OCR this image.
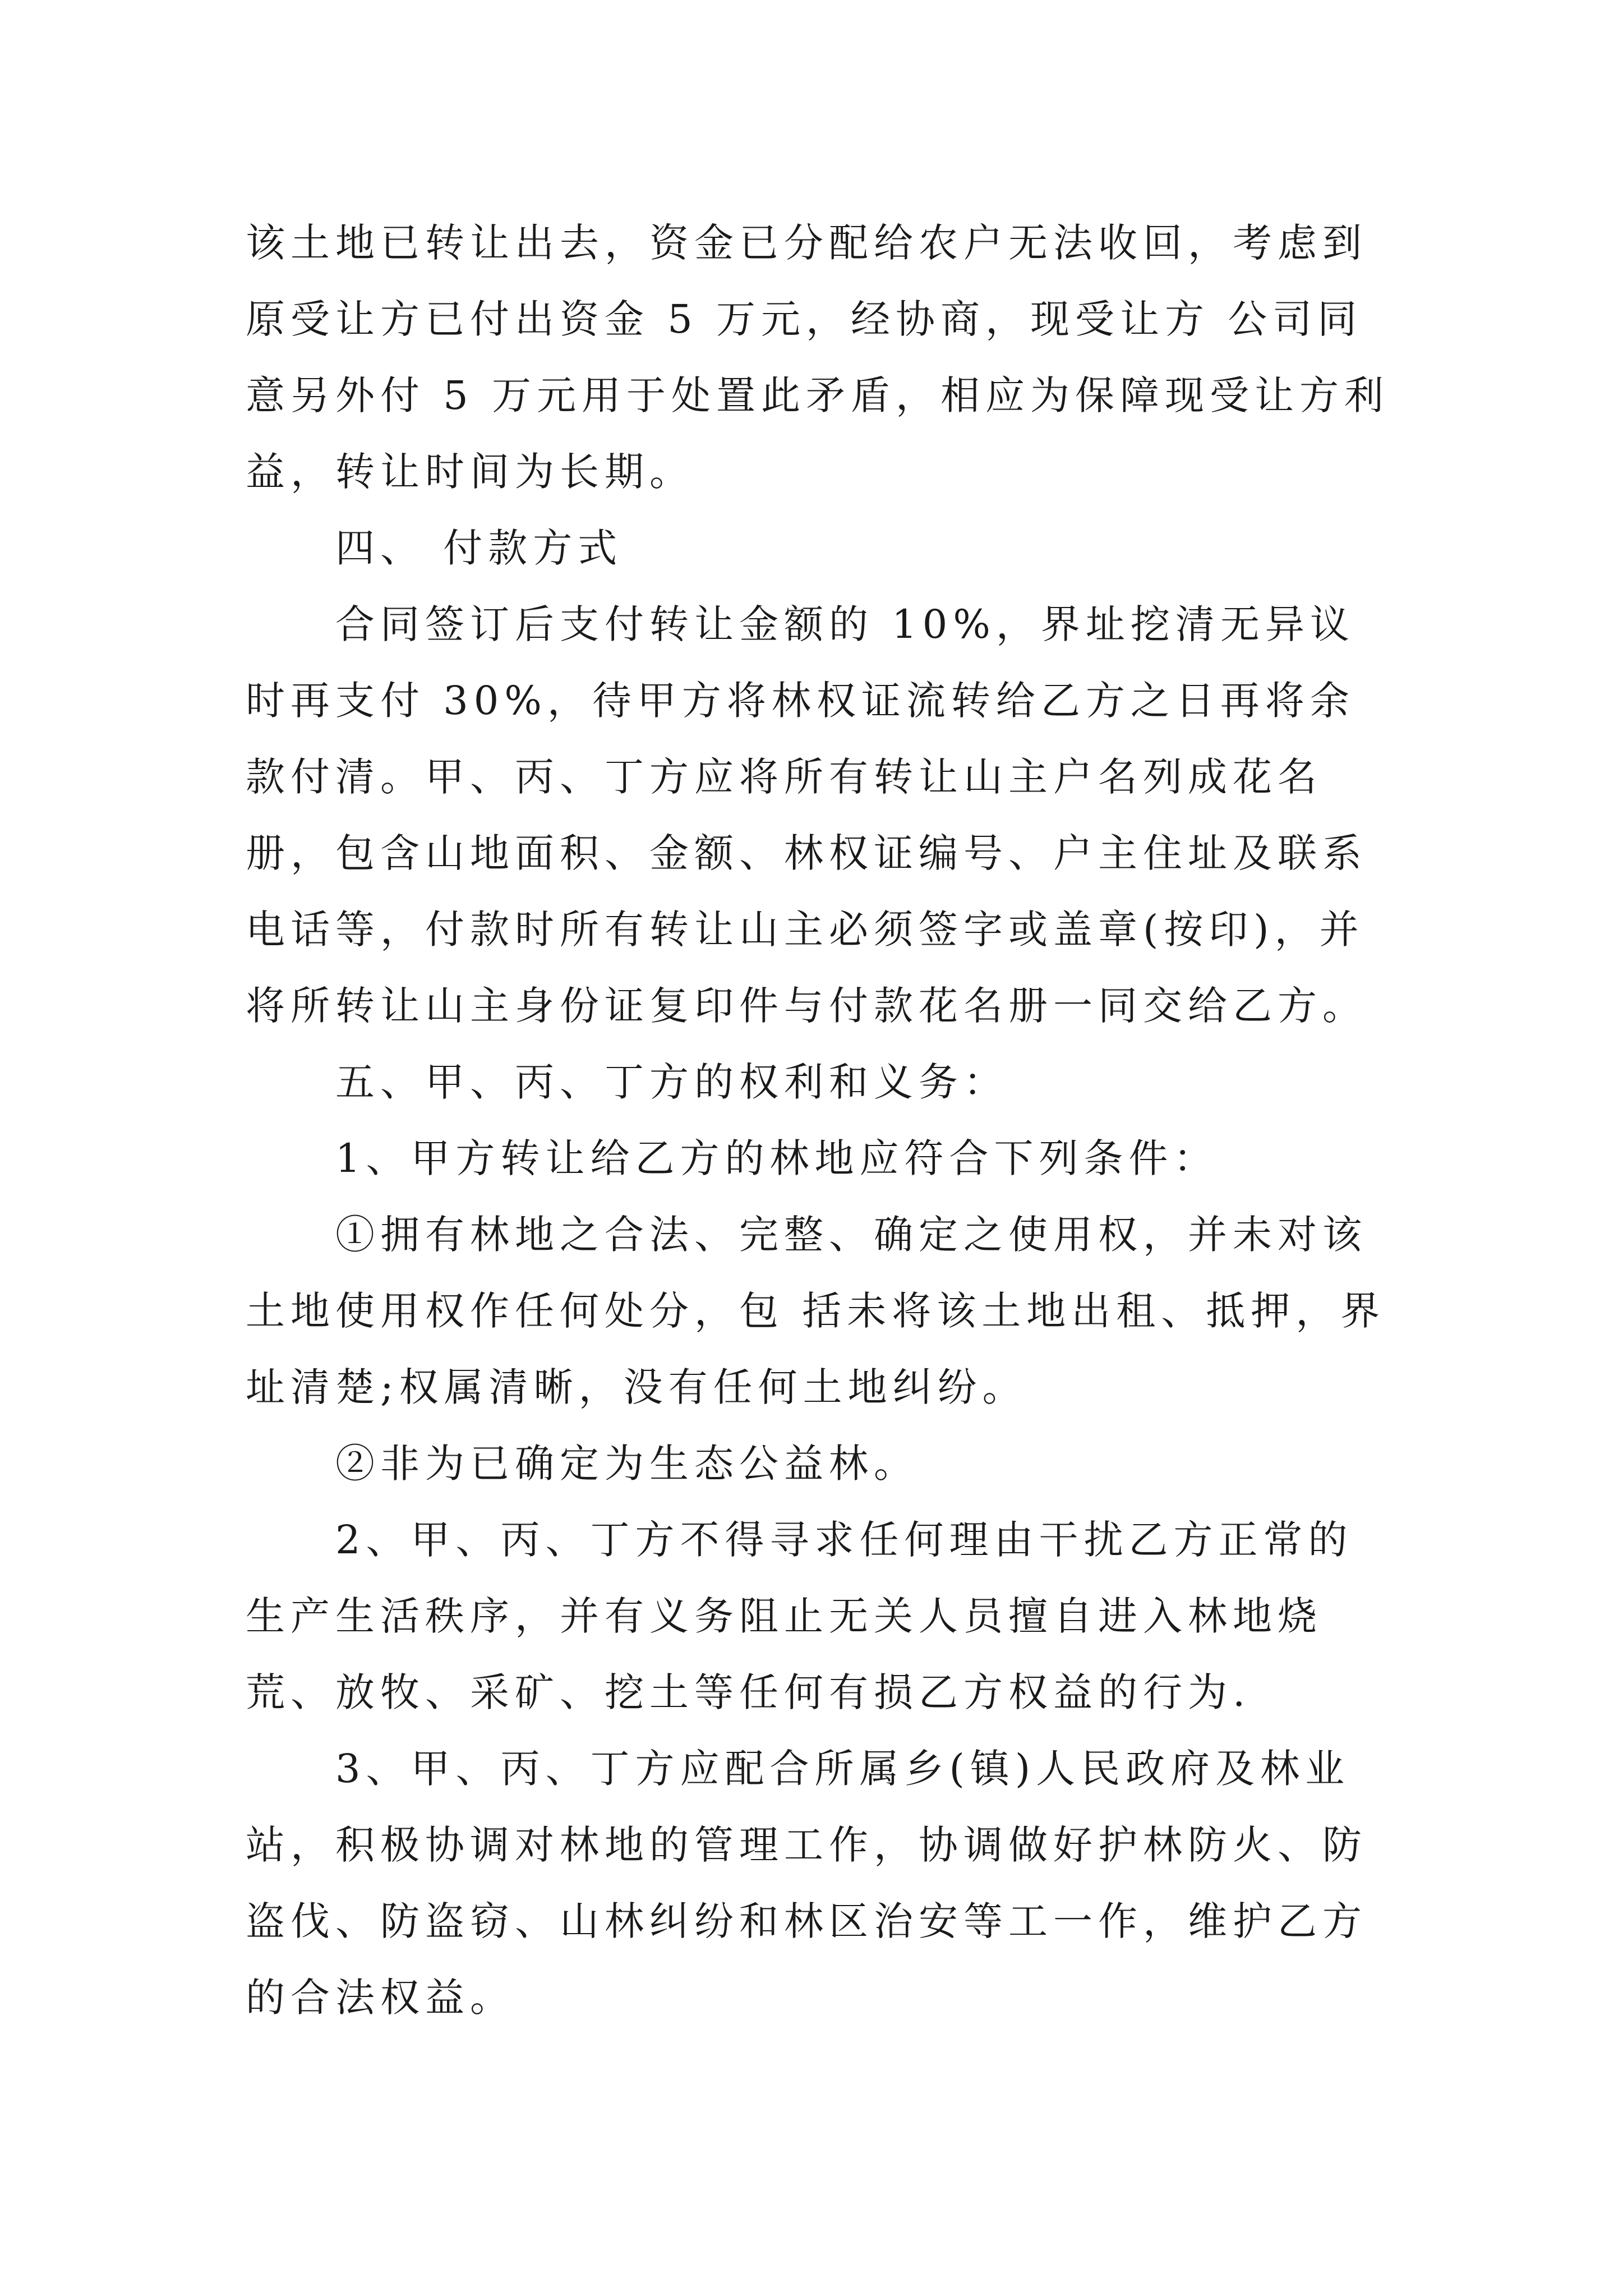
该土地已转让出去，资金已分配给农户无法收回，考虑到原受让方已付出资金 5 万元，经协商，现受让方 公司同意另外付 5 万元用于处置此矛盾，相应为保障现受让方利益，转让时间为长期。

四、 付款方式

合同签订后支付转让金额的 10%，界址挖清无异议时再支付 30%，待甲方将林权证流转给乙方之日再将余款付清。甲、丙、丁方应将所有转让山主户名列成花名册，包含山地面积、金额、林权证编号、户主住址及联系电话等，付款时所有转让山主必须签字或盖章(按印)，并将所转让山主身份证复印件与付款花名册一同交给乙方。

五、甲、丙、丁方的权利和义务：

1、甲方转让给乙方的林地应符合下列条件：

①拥有林地之合法、完整、确定之使用权，并未对该土地使用权作任何处分，包 括未将该土地出租、抵押，界址清楚;权属清晰，没有任何土地纠纷。

②非为已确定为生态公益林。

2、甲、丙、丁方不得寻求任何理由干扰乙方正常的生产生活秩序，并有义务阻止无关人员擅自进入林地烧荒、放牧、采矿、挖土等任何有损乙方权益的行为.

3、甲、丙、丁方应配合所属乡(镇)人民政府及林业站，积极协调对林地的管理工作，协调做好护林防火、防盗伐、防盗窃、山林纠纷和林区治安等工一作，维护乙方的合法权益。
